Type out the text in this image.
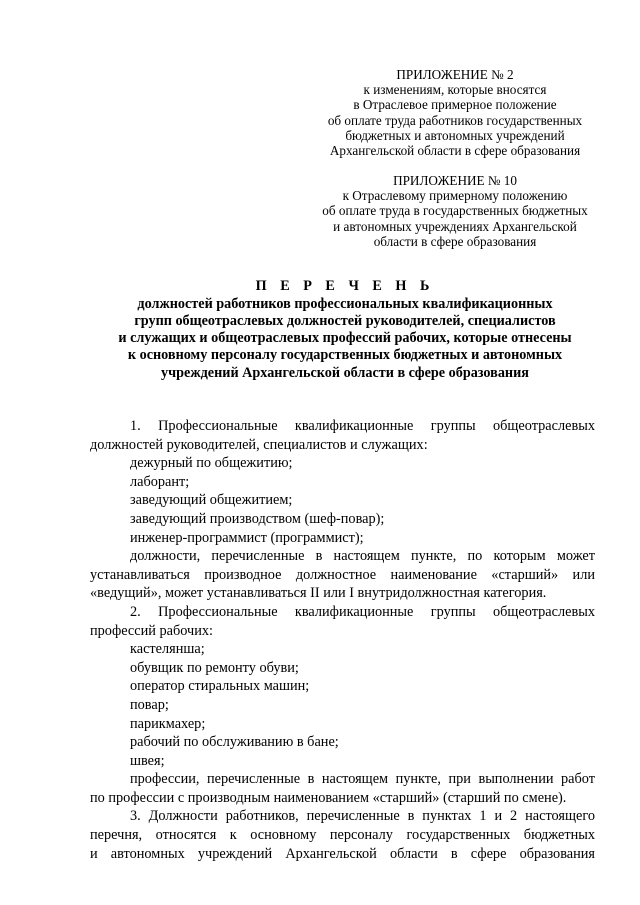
ПРИЛОЖЕНИЕ № 2
к изменениям, которые вносятся
в Отраслевое примерное положение
об оплате труда работников государственных
бюджетных и автономных учреждений
Архангельской области в сфере образования
ПРИЛОЖЕНИЕ № 10
к Отраслевому примерному положению
об оплате труда в государственных бюджетных
и автономных учреждениях Архангельской
области в сфере образования
П Е Р Е Ч Е Н Ь
должностей работников профессиональных квалификационных
групп общеотраслевых должностей руководителей, специалистов
и служащих и общеотраслевых профессий рабочих, которые отнесены
к основному персоналу государственных бюджетных и автономных
учреждений Архангельской области в сфере образования
1. Профессиональные квалификационные группы общеотраслевых
должностей руководителей, специалистов и служащих:
дежурный по общежитию;
лаборант;
заведующий общежитием;
заведующий производством (шеф-повар);
инженер-программист (программист);
должности, перечисленные в настоящем пункте, по которым может
устанавливаться производное должностное наименование «старший» или
«ведущий», может устанавливаться II или I внутридолжностная категория.
2. Профессиональные квалификационные группы общеотраслевых
профессий рабочих:
кастелянша;
обувщик по ремонту обуви;
оператор стиральных машин;
повар;
парикмахер;
рабочий по обслуживанию в бане;
швея;
профессии, перечисленные в настоящем пункте, при выполнении работ
по профессии с производным наименованием «старший» (старший по смене).
3. Должности работников, перечисленные в пунктах 1 и 2 настоящего
перечня, относятся к основному персоналу государственных бюджетных
и автономных учреждений Архангельской области в сфере образования
